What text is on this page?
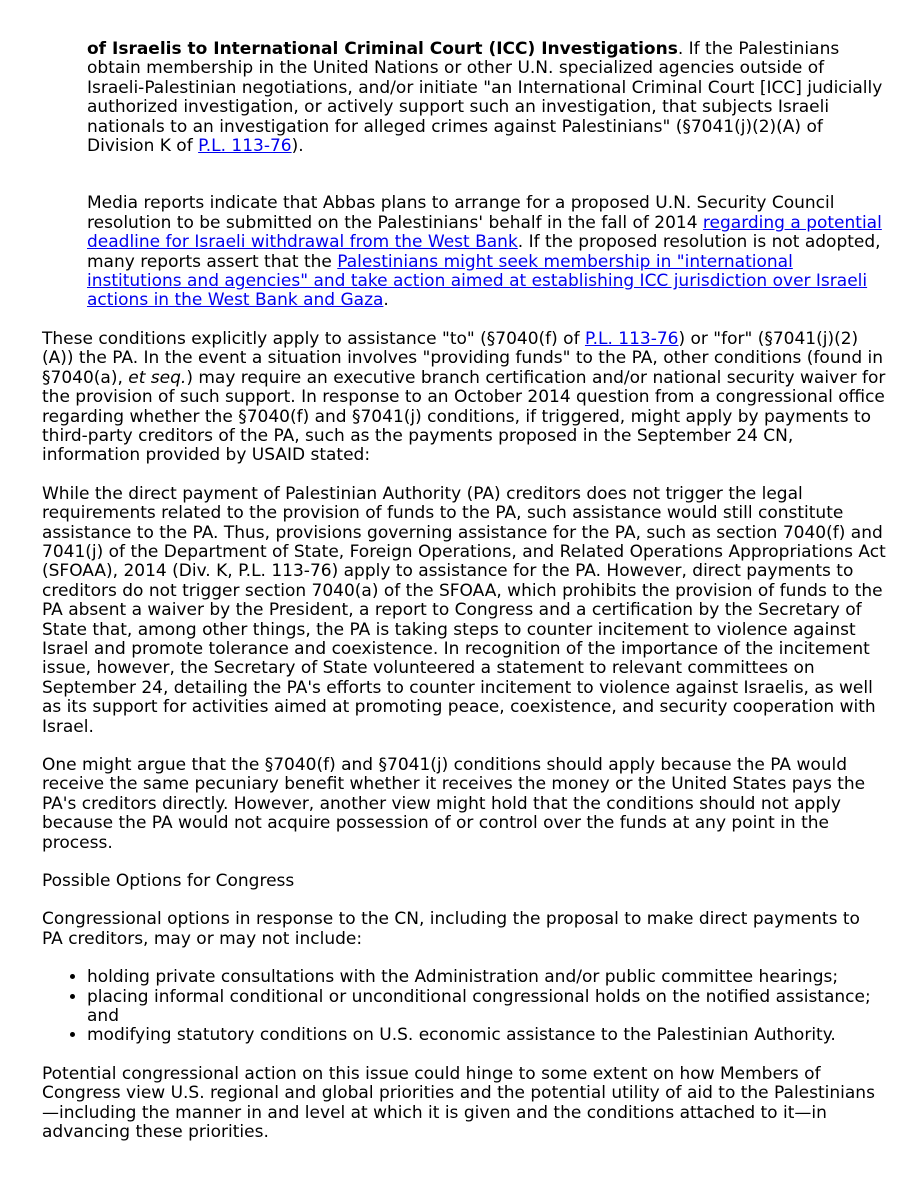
of Israelis to International Criminal Court (ICC) Investigations. If the Palestinians obtain membership in the United Nations or other U.N. specialized agencies outside of Israeli-Palestinian negotiations, and/or initiate "an International Criminal Court [ICC] judicially authorized investigation, or actively support such an investigation, that subjects Israeli nationals to an investigation for alleged crimes against Palestinians" (§7041(j)(2)(A) of Division K of P.L. 113-76).

Media reports indicate that Abbas plans to arrange for a proposed U.N. Security Council resolution to be submitted on the Palestinians' behalf in the fall of 2014 regarding a potential deadline for Israeli withdrawal from the West Bank. If the proposed resolution is not adopted, many reports assert that the Palestinians might seek membership in "international institutions and agencies" and take action aimed at establishing ICC jurisdiction over Israeli actions in the West Bank and Gaza.

These conditions explicitly apply to assistance "to" (§7040(f) of P.L. 113-76) or "for" (§7041(j)(2)(A)) the PA. In the event a situation involves "providing funds" to the PA, other conditions (found in §7040(a), et seq.) may require an executive branch certification and/or national security waiver for the provision of such support. In response to an October 2014 question from a congressional office regarding whether the §7040(f) and §7041(j) conditions, if triggered, might apply by payments to third-party creditors of the PA, such as the payments proposed in the September 24 CN, information provided by USAID stated:

While the direct payment of Palestinian Authority (PA) creditors does not trigger the legal requirements related to the provision of funds to the PA, such assistance would still constitute assistance to the PA. Thus, provisions governing assistance for the PA, such as section 7040(f) and 7041(j) of the Department of State, Foreign Operations, and Related Operations Appropriations Act (SFOAA), 2014 (Div. K, P.L. 113-76) apply to assistance for the PA. However, direct payments to creditors do not trigger section 7040(a) of the SFOAA, which prohibits the provision of funds to the PA absent a waiver by the President, a report to Congress and a certification by the Secretary of State that, among other things, the PA is taking steps to counter incitement to violence against Israel and promote tolerance and coexistence. In recognition of the importance of the incitement issue, however, the Secretary of State volunteered a statement to relevant committees on September 24, detailing the PA's efforts to counter incitement to violence against Israelis, as well as its support for activities aimed at promoting peace, coexistence, and security cooperation with Israel.

One might argue that the §7040(f) and §7041(j) conditions should apply because the PA would receive the same pecuniary benefit whether it receives the money or the United States pays the PA's creditors directly. However, another view might hold that the conditions should not apply because the PA would not acquire possession of or control over the funds at any point in the process.

Possible Options for Congress

Congressional options in response to the CN, including the proposal to make direct payments to PA creditors, may or may not include:

• holding private consultations with the Administration and/or public committee hearings;
• placing informal conditional or unconditional congressional holds on the notified assistance; and
• modifying statutory conditions on U.S. economic assistance to the Palestinian Authority.

Potential congressional action on this issue could hinge to some extent on how Members of Congress view U.S. regional and global priorities and the potential utility of aid to the Palestinians—including the manner in and level at which it is given and the conditions attached to it—in advancing these priorities.
